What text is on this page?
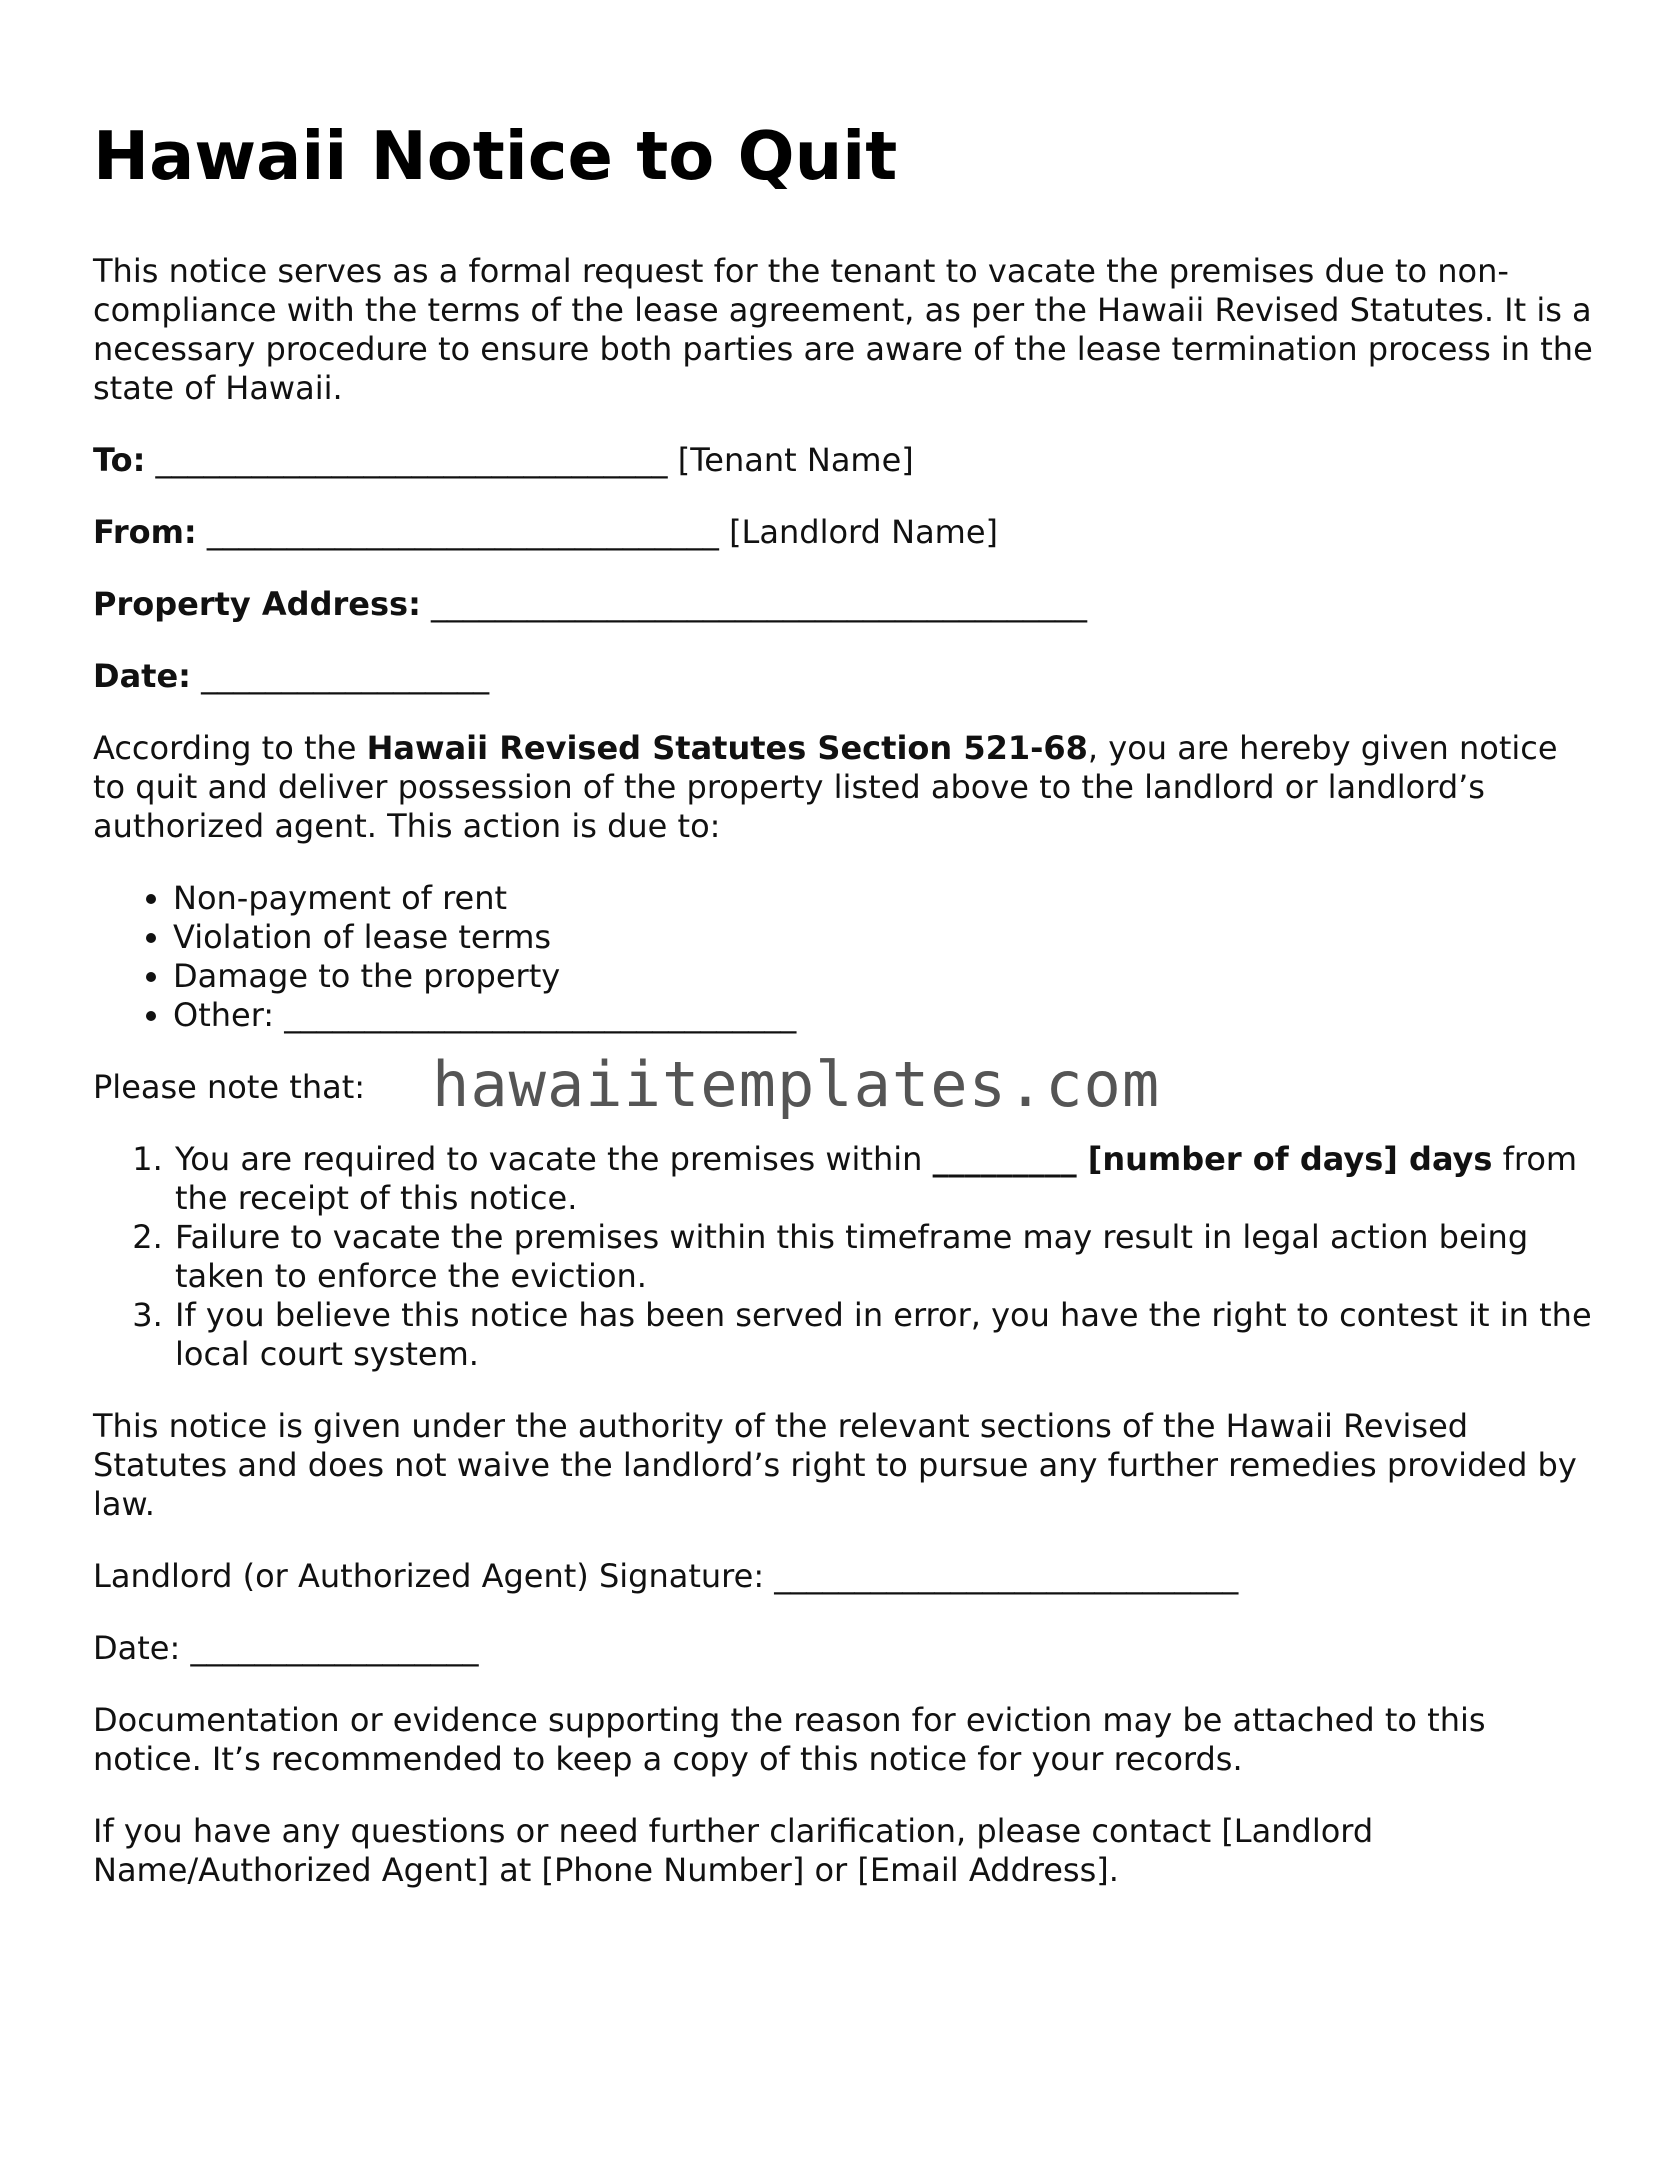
Hawaii Notice to Quit

This notice serves as a formal request for the tenant to vacate the premises due to non-compliance with the terms of the lease agreement, as per the Hawaii Revised Statutes. It is a necessary procedure to ensure both parties are aware of the lease termination process in the state of Hawaii.

To: ________________________________ [Tenant Name]

From: ________________________________ [Landlord Name]

Property Address: _________________________________________

Date: __________________

According to the Hawaii Revised Statutes Section 521-68, you are hereby given notice to quit and deliver possession of the property listed above to the landlord or landlord’s authorized agent. This action is due to:

• Non-payment of rent
• Violation of lease terms
• Damage to the property
• Other: ________________________________

Please note that:

1. You are required to vacate the premises within _________ [number of days] days from the receipt of this notice.
2. Failure to vacate the premises within this timeframe may result in legal action being taken to enforce the eviction.
3. If you believe this notice has been served in error, you have the right to contest it in the local court system.

This notice is given under the authority of the relevant sections of the Hawaii Revised Statutes and does not waive the landlord’s right to pursue any further remedies provided by law.

Landlord (or Authorized Agent) Signature: _____________________________

Date: __________________

Documentation or evidence supporting the reason for eviction may be attached to this notice. It’s recommended to keep a copy of this notice for your records.

If you have any questions or need further clarification, please contact [Landlord Name/Authorized Agent] at [Phone Number] or [Email Address].

hawaiitemplates.com
